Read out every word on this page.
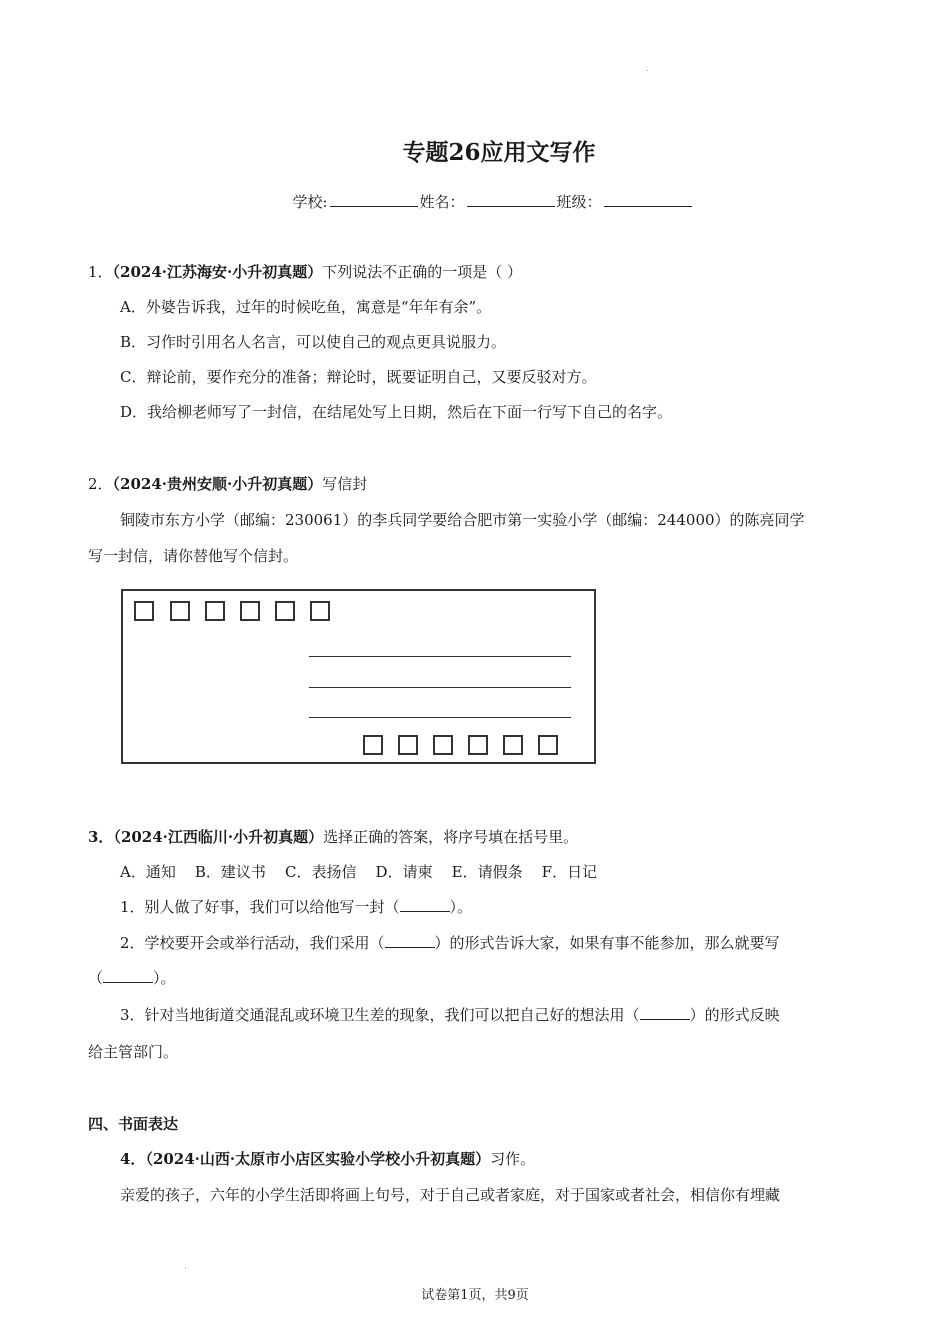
专题26应用文写作
学校:	姓名：	班级：
1．（2024·江苏海安·小升初真题）下列说法不正确的一项是（ ）
A．外婆告诉我，过年的时候吃鱼，寓意是“年年有余”。
B．习作时引用名人名言，可以使自己的观点更具说服力。
C．辩论前，要作充分的准备；辩论时，既要证明自己，又要反驳对方。
D．我给柳老师写了一封信，在结尾处写上日期，然后在下面一行写下自己的名字。
2．（2024·贵州安顺·小升初真题）写信封
铜陵市东方小学（邮编：230061）的李兵同学要给合肥市第一实验小学（邮编：244000）的陈亮同学
写一封信，请你替他写个信封。
3．（2024·江西临川·小升初真题）选择正确的答案，将序号填在括号里。
A．通知    B．建议书    C．表扬信    D．请柬    E．请假条    F．日记
1．别人做了好事，我们可以给他写一封（	）。
2．学校要开会或举行活动，我们采用（	）的形式告诉大家，如果有事不能参加，那么就要写
（	）。
3．针对当地街道交通混乱或环境卫生差的现象，我们可以把自己好的想法用（	）的形式反映
给主管部门。
四、书面表达
4．（2024·山西·太原市小店区实验小学校小升初真题）习作。
亲爱的孩子，六年的小学生活即将画上句号，对于自己或者家庭，对于国家或者社会，相信你有埋藏
试卷第1页，共9页
